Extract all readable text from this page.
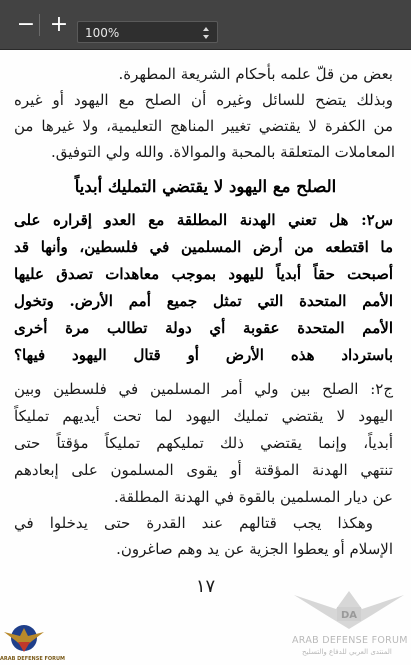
− +	100%
بعض من قلّ علمه بأحكام الشريعة المطهرة.
وبذلك يتضح للسائل وغيره أن الصلح مع اليهود أو غيره
من الكفرة لا يقتضي تغيير المناهج التعليمية، ولا غيرها من
المعاملات المتعلقة بالمحبة والموالاة. والله ولي التوفيق.
الصلح مع اليهود لا يقتضي التمليك أبدياً
س٢: هل تعني الهدنة المطلقة مع العدو إقراره على
ما اقتطعه من أرض المسلمين في فلسطين، وأنها قد
أصبحت حقاً أبدياً لليهود بموجب معاهدات تصدق عليها
الأمم المتحدة التي تمثل جميع أمم الأرض. وتخول
الأمم المتحدة عقوبة أي دولة تطالب مرة أخرى
باسترداد هذه الأرض أو قتال اليهود فيها؟
ج٢: الصلح بين ولي أمر المسلمين في فلسطين وبين
اليهود لا يقتضي تمليك اليهود لما تحت أيديهم تمليكاً
أبدياً، وإنما يقتضي ذلك تمليكهم تمليكاً مؤقتاً حتى
تنتهي الهدنة المؤقتة أو يقوى المسلمون على إبعادهم
عن ديار المسلمين بالقوة في الهدنة المطلقة.
وهكذا يجب قتالهم عند القدرة حتى يدخلوا في
الإسلام أو يعطوا الجزية عن يد وهم صاغرون.
١٧
ARAB DEFENSE FORUM
DA
ARAB DEFENSE FORUM
المنتدى العربي للدفاع والتسليح
